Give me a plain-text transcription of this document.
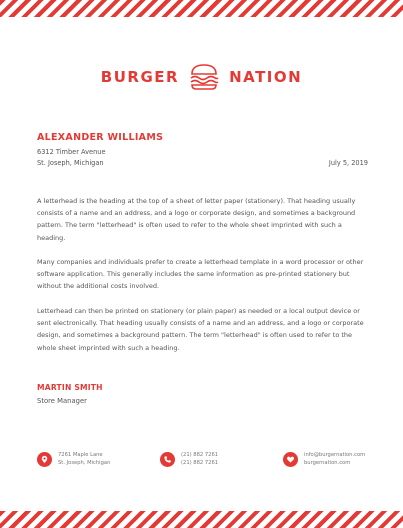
BURGER	NATION
ALEXANDER WILLIAMS
6312 Timber Avenue
St. Joseph, Michigan	July 5, 2019

A letterhead is the heading at the top of a sheet of letter paper (stationery). That heading usually consists of a name and an address, and a logo or corporate design, and sometimes a background pattern. The term "letterhead" is often used to refer to the whole sheet imprinted with such a heading.

Many companies and individuals prefer to create a letterhead template in a word processor or other software application. This generally includes the same information as pre-printed stationery but without the additional costs involved.

Letterhead can then be printed on stationery (or plain paper) as needed or a local output device or sent electronically. That heading usually consists of a name and an address, and a logo or corporate design, and sometimes a background pattern. The term "letterhead" is often used to refer to the whole sheet imprinted with such a heading.

MARTIN SMITH
Store Manager
7261 Maple Lane
St. Joseph, Michigan
(21) 882 7261
(21) 882 7261
info@burgernation.com
burgernation.com
